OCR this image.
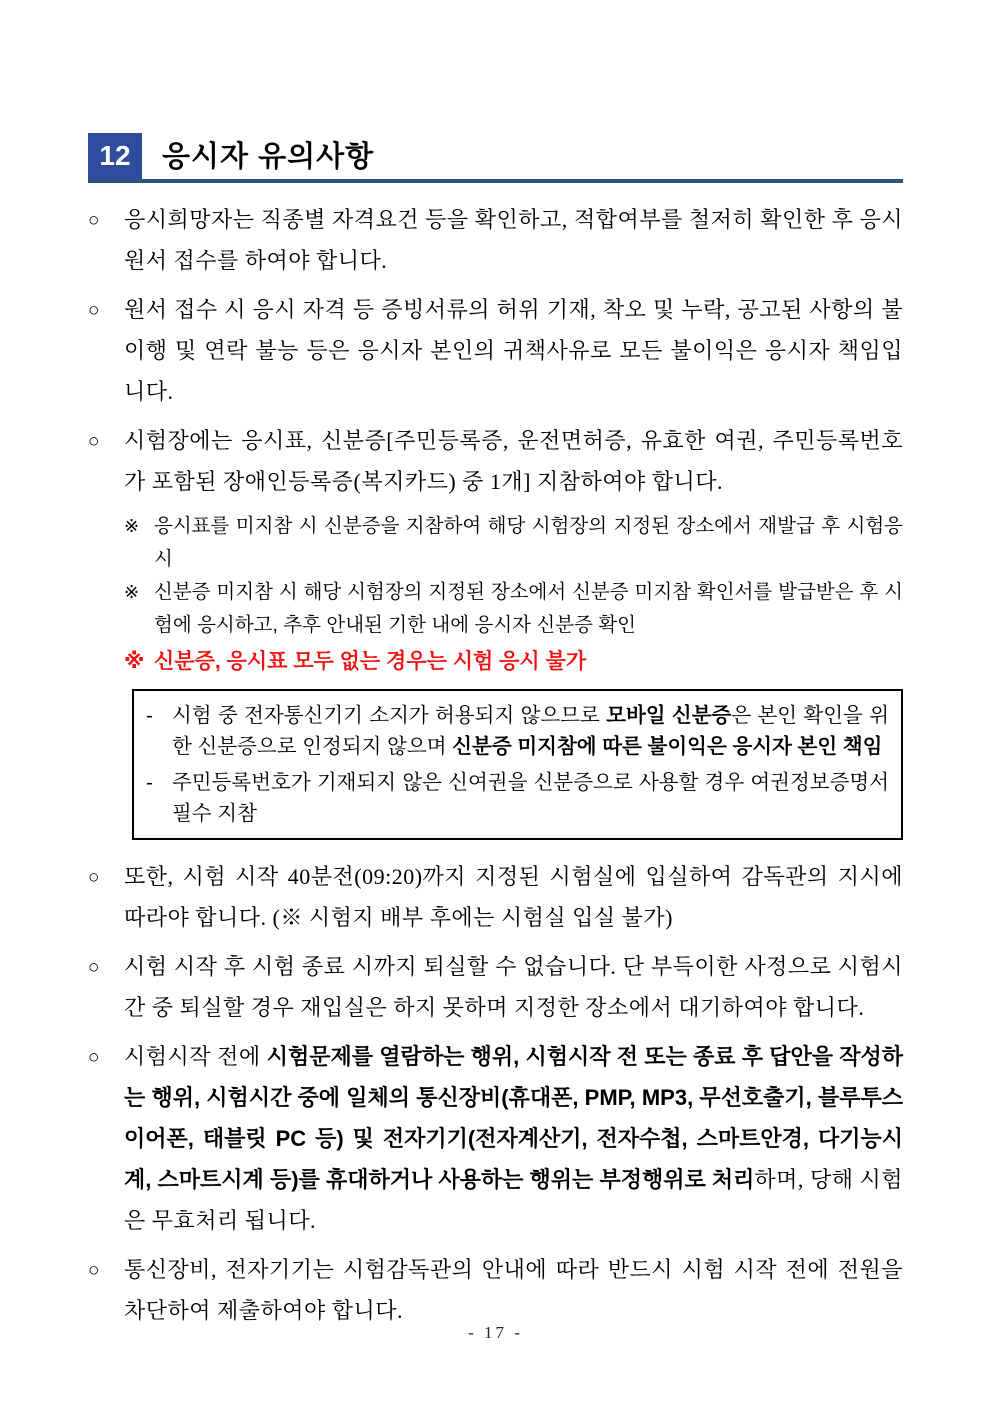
12 응시자 유의사항
○	응시희망자는 직종별 자격요건 등을 확인하고, 적합여부를 철저히 확인한 후 응시원서 접수를 하여야 합니다.

○	원서 접수 시 응시 자격 등 증빙서류의 허위 기재, 착오 및 누락, 공고된 사항의 불이행 및 연락 불능 등은 응시자 본인의 귀책사유로 모든 불이익은 응시자 책임입니다.

○	시험장에는 응시표, 신분증[주민등록증, 운전면허증, 유효한 여권, 주민등록번호가 포함된 장애인등록증(복지카드) 중 1개] 지참하여야 합니다.

※ 응시표를 미지참 시 신분증을 지참하여 해당 시험장의 지정된 장소에서 재발급 후 시험응시

※ 신분증 미지참 시 해당 시험장의 지정된 장소에서 신분증 미지참 확인서를 발급받은 후 시험에 응시하고, 추후 안내된 기한 내에 응시자 신분증 확인

※ 신분증, 응시표 모두 없는 경우는 시험 응시 불가

- 시험 중 전자통신기기 소지가 허용되지 않으므로 모바일 신분증은 본인 확인을 위한 신분증으로 인정되지 않으며 신분증 미지참에 따른 불이익은 응시자 본인 책임

- 주민등록번호가 기재되지 않은 신여권을 신분증으로 사용할 경우 여권정보증명서 필수 지참

○	또한, 시험 시작 40분전(09:20)까지 지정된 시험실에 입실하여 감독관의 지시에 따라야 합니다. (※ 시험지 배부 후에는 시험실 입실 불가)

○	시험 시작 후 시험 종료 시까지 퇴실할 수 없습니다. 단 부득이한 사정으로 시험시간 중 퇴실할 경우 재입실은 하지 못하며 지정한 장소에서 대기하여야 합니다.

○	시험시작 전에 시험문제를 열람하는 행위, 시험시작 전 또는 종료 후 답안을 작성하는 행위, 시험시간 중에 일체의 통신장비(휴대폰, PMP, MP3, 무선호출기, 블루투스 이어폰, 태블릿 PC 등) 및 전자기기(전자계산기, 전자수첩, 스마트안경, 다기능시계, 스마트시계 등)를 휴대하거나 사용하는 행위는 부정행위로 처리하며, 당해 시험은 무효처리 됩니다.

○	통신장비, 전자기기는 시험감독관의 안내에 따라 반드시 시험 시작 전에 전원을 차단하여 제출하여야 합니다.

- 17 -
